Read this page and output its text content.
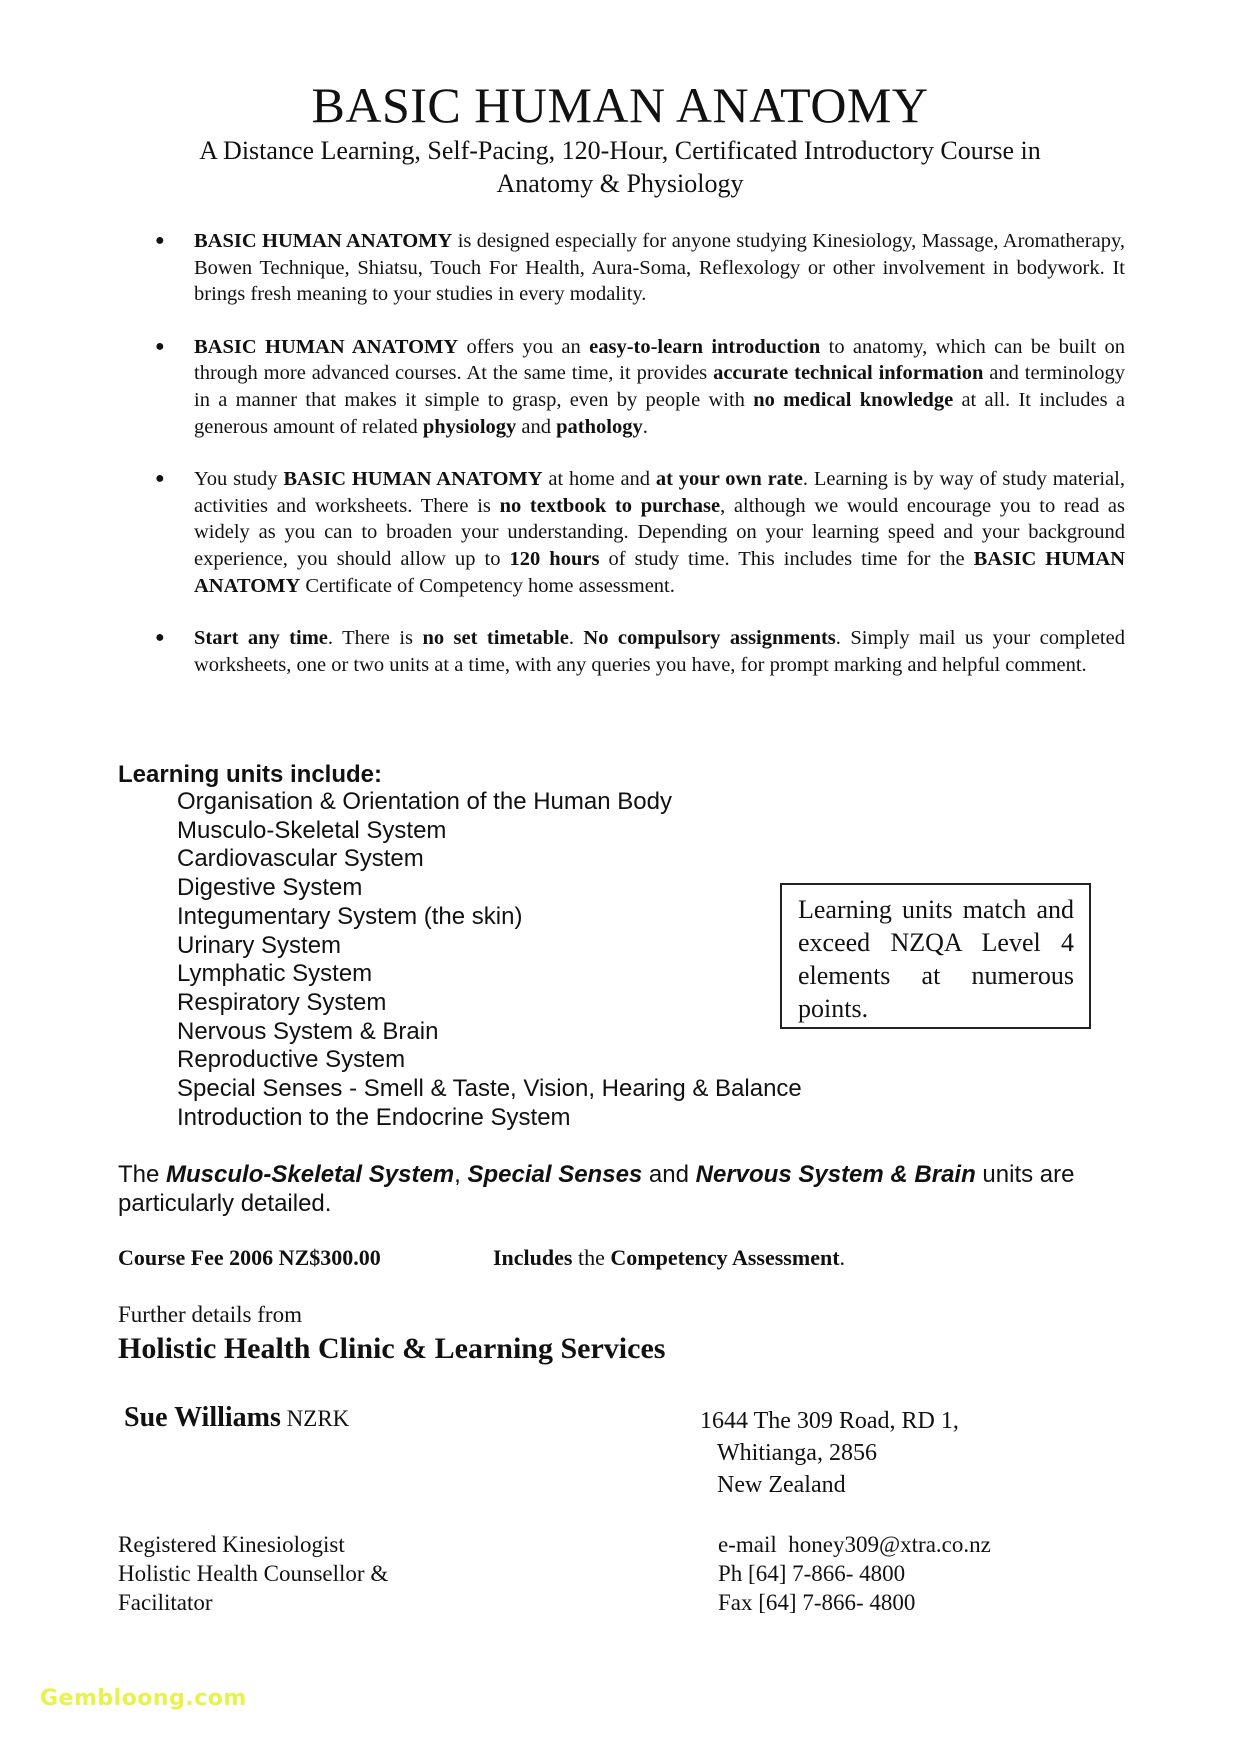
BASIC HUMAN ANATOMY
A Distance Learning, Self-Pacing, 120-Hour, Certificated Introductory Course in
Anatomy & Physiology
● BASIC HUMAN ANATOMY is designed especially for anyone studying Kinesiology, Massage, Aromatherapy, Bowen Technique, Shiatsu, Touch For Health, Aura-Soma, Reflexology or other involvement in bodywork. It brings fresh meaning to your studies in every modality.
● BASIC HUMAN ANATOMY offers you an easy-to-learn introduction to anatomy, which can be built on through more advanced courses. At the same time, it provides accurate technical information and terminology in a manner that makes it simple to grasp, even by people with no medical knowledge at all. It includes a generous amount of related physiology and pathology.
● You study BASIC HUMAN ANATOMY at home and at your own rate. Learning is by way of study material, activities and worksheets. There is no textbook to purchase, although we would encourage you to read as widely as you can to broaden your understanding. Depending on your learning speed and your background experience, you should allow up to 120 hours of study time. This includes time for the BASIC HUMAN ANATOMY Certificate of Competency home assessment.
● Start any time. There is no set timetable. No compulsory assignments. Simply mail us your completed worksheets, one or two units at a time, with any queries you have, for prompt marking and helpful comment.
Learning units include:
Organisation & Orientation of the Human Body
Musculo-Skeletal System
Cardiovascular System
Digestive System
Integumentary System (the skin)
Urinary System
Lymphatic System
Respiratory System
Nervous System & Brain
Reproductive System
Special Senses - Smell & Taste, Vision, Hearing & Balance
Introduction to the Endocrine System
Learning units match and exceed NZQA Level 4 elements at numerous points.
The Musculo-Skeletal System, Special Senses and Nervous System & Brain units are particularly detailed.
Course Fee 2006 NZ$300.00	Includes the Competency Assessment.
Further details from
Holistic Health Clinic & Learning Services
Sue Williams NZRK	1644 The 309 Road, RD 1,
Whitianga, 2856
New Zealand
Registered Kinesiologist
Holistic Health Counsellor &
Facilitator
e-mail honey309@xtra.co.nz
Ph [64] 7-866- 4800
Fax [64] 7-866- 4800
Gembloong.com
